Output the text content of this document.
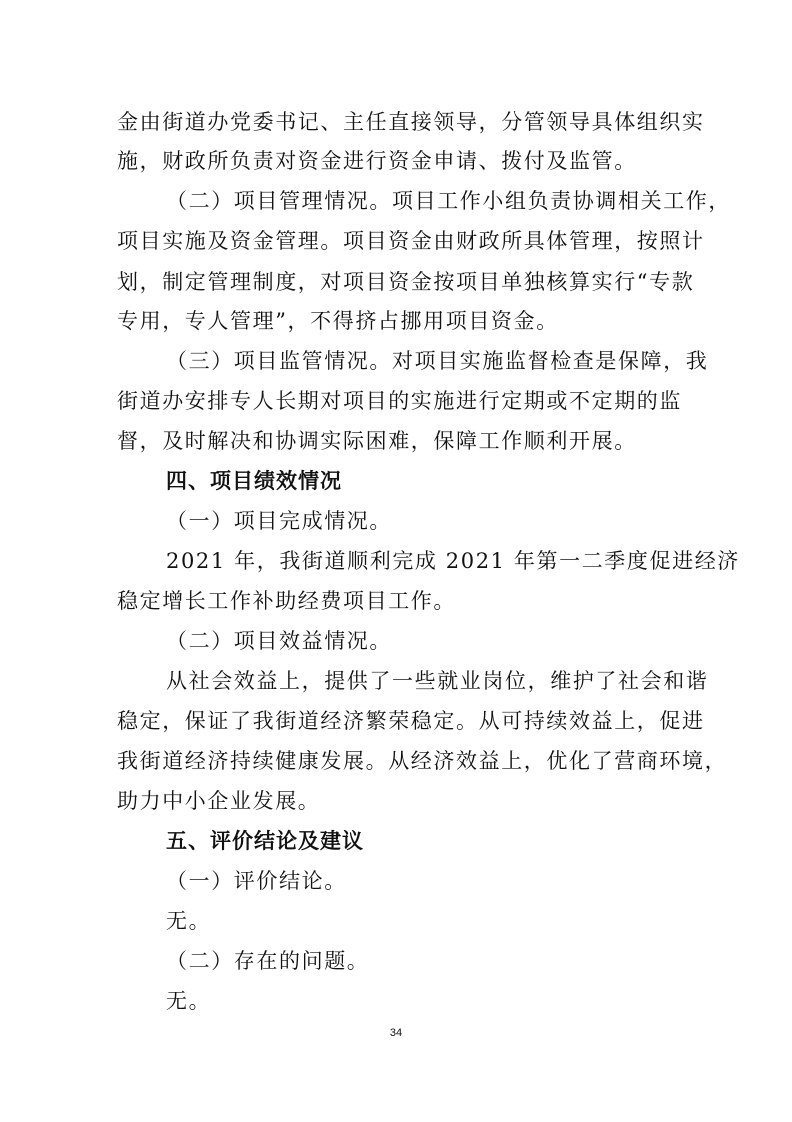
金由街道办党委书记、主任直接领导，分管领导具体组织实
施，财政所负责对资金进行资金申请、拨付及监管。
（二）项目管理情况。项目工作小组负责协调相关工作，
项目实施及资金管理。项目资金由财政所具体管理，按照计
划，制定管理制度，对项目资金按项目单独核算实行“专款
专用，专人管理”，不得挤占挪用项目资金。
（三）项目监管情况。对项目实施监督检查是保障，我
街道办安排专人长期对项目的实施进行定期或不定期的监
督，及时解决和协调实际困难，保障工作顺利开展。
四、项目绩效情况
（一）项目完成情况。
2021 年，我街道顺利完成 2021 年第一二季度促进经济
稳定增长工作补助经费项目工作。
（二）项目效益情况。
从社会效益上，提供了一些就业岗位，维护了社会和谐
稳定，保证了我街道经济繁荣稳定。从可持续效益上，促进
我街道经济持续健康发展。从经济效益上，优化了营商环境，
助力中小企业发展。
五、评价结论及建议
（一）评价结论。
无。
（二）存在的问题。
无。
34
